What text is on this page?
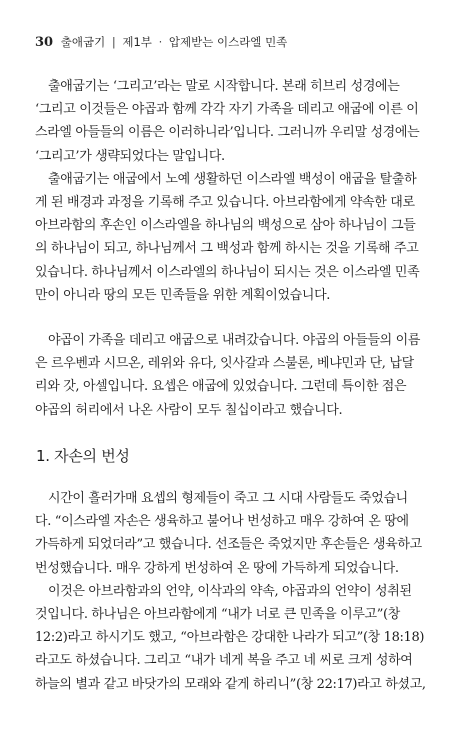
30 출애굽기 | 제1부 · 압제받는 이스라엘 민족
출애굽기는 ‘그리고’라는 말로 시작합니다. 본래 히브리 성경에는
‘그리고 이것들은 야곱과 함께 각각 자기 가족을 데리고 애굽에 이른 이
스라엘 아들들의 이름은 이러하니라’입니다. 그러니까 우리말 성경에는
‘그리고’가 생략되었다는 말입니다.
출애굽기는 애굽에서 노예 생활하던 이스라엘 백성이 애굽을 탈출하
게 된 배경과 과정을 기록해 주고 있습니다. 아브라함에게 약속한 대로
아브라함의 후손인 이스라엘을 하나님의 백성으로 삼아 하나님이 그들
의 하나님이 되고, 하나님께서 그 백성과 함께 하시는 것을 기록해 주고
있습니다. 하나님께서 이스라엘의 하나님이 되시는 것은 이스라엘 민족
만이 아니라 땅의 모든 민족들을 위한 계획이었습니다.
야곱이 가족을 데리고 애굽으로 내려갔습니다. 야곱의 아들들의 이름
은 르우벤과 시므온, 레위와 유다, 잇사갈과 스불론, 베냐민과 단, 납달
리와 갓, 아셀입니다. 요셉은 애굽에 있었습니다. 그런데 특이한 점은
야곱의 허리에서 나온 사람이 모두 칠십이라고 했습니다.
1. 자손의 번성
시간이 흘러가매 요셉의 형제들이 죽고 그 시대 사람들도 죽었습니
다. “이스라엘 자손은 생육하고 불어나 번성하고 매우 강하여 온 땅에
가득하게 되었더라”고 했습니다. 선조들은 죽었지만 후손들은 생육하고
번성했습니다. 매우 강하게 번성하여 온 땅에 가득하게 되었습니다.
이것은 아브라함과의 언약, 이삭과의 약속, 야곱과의 언약이 성취된
것입니다. 하나님은 아브라함에게 “내가 너로 큰 민족을 이루고”(창
12:2)라고 하시기도 했고, “아브라함은 강대한 나라가 되고”(창 18:18)
라고도 하셨습니다. 그리고 “내가 네게 복을 주고 네 씨로 크게 성하여
하늘의 별과 같고 바닷가의 모래와 같게 하리니”(창 22:17)라고 하셨고,
